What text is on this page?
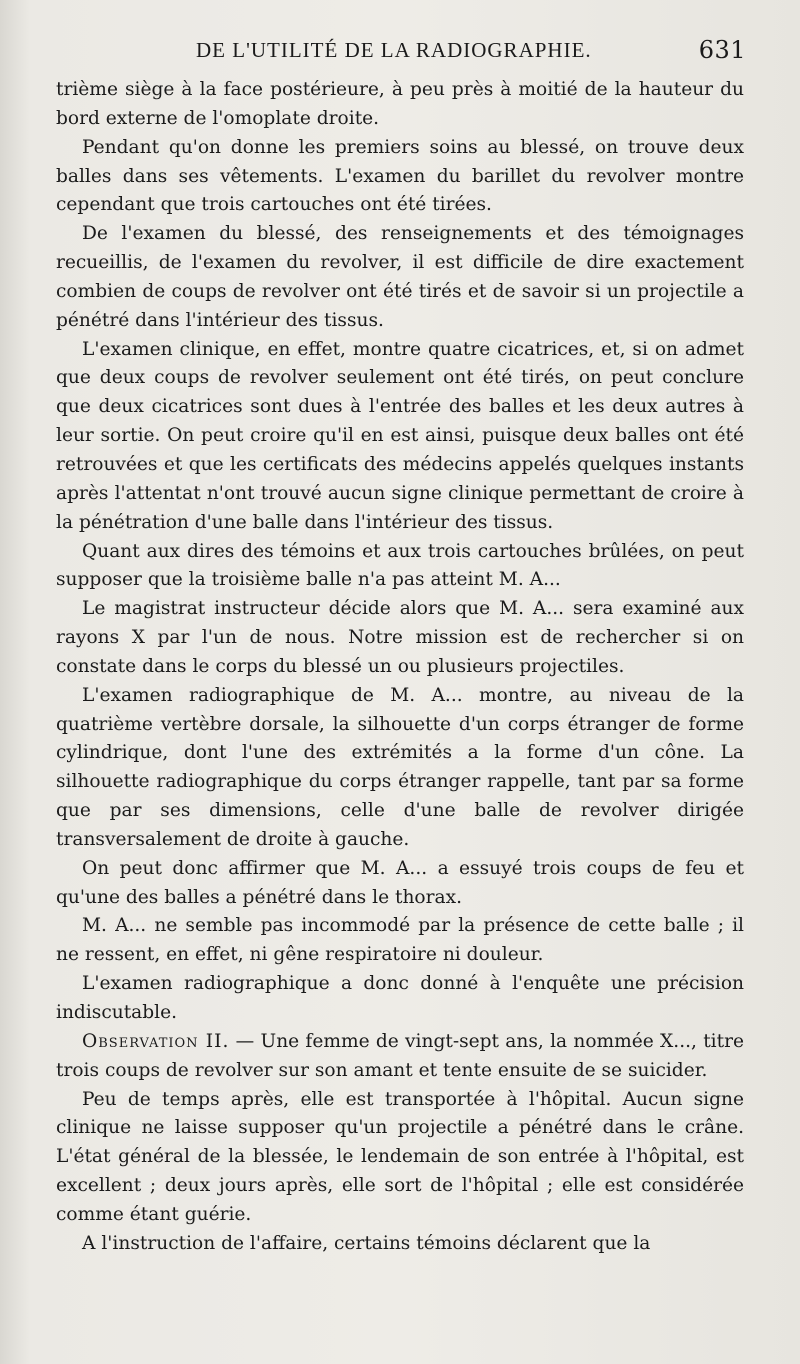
DE L'UTILITÉ DE LA RADIOGRAPHIE.	631

trième siège à la face postérieure, à peu près à moitié de la hauteur du bord externe de l'omoplate droite.

Pendant qu'on donne les premiers soins au blessé, on trouve deux balles dans ses vêtements. L'examen du barillet du revolver montre cependant que trois cartouches ont été tirées.

De l'examen du blessé, des renseignements et des témoignages recueillis, de l'examen du revolver, il est difficile de dire exactement combien de coups de revolver ont été tirés et de savoir si un projectile a pénétré dans l'intérieur des tissus.

L'examen clinique, en effet, montre quatre cicatrices, et, si on admet que deux coups de revolver seulement ont été tirés, on peut conclure que deux cicatrices sont dues à l'entrée des balles et les deux autres à leur sortie. On peut croire qu'il en est ainsi, puisque deux balles ont été retrouvées et que les certificats des médecins appelés quelques instants après l'attentat n'ont trouvé aucun signe clinique permettant de croire à la pénétration d'une balle dans l'intérieur des tissus.

Quant aux dires des témoins et aux trois cartouches brûlées, on peut supposer que la troisième balle n'a pas atteint M. A...

Le magistrat instructeur décide alors que M. A... sera examiné aux rayons X par l'un de nous. Notre mission est de rechercher si on constate dans le corps du blessé un ou plusieurs projectiles.

L'examen radiographique de M. A... montre, au niveau de la quatrième vertèbre dorsale, la silhouette d'un corps étranger de forme cylindrique, dont l'une des extrémités a la forme d'un cône. La silhouette radiographique du corps étranger rappelle, tant par sa forme que par ses dimensions, celle d'une balle de revolver dirigée transversalement de droite à gauche.

On peut donc affirmer que M. A... a essuyé trois coups de feu et qu'une des balles a pénétré dans le thorax.

M. A... ne semble pas incommodé par la présence de cette balle ; il ne ressent, en effet, ni gêne respiratoire ni douleur.

L'examen radiographique a donc donné à l'enquête une précision indiscutable.

Observation II. — Une femme de vingt-sept ans, la nommée X..., titre trois coups de revolver sur son amant et tente ensuite de se suicider.

Peu de temps après, elle est transportée à l'hôpital. Aucun signe clinique ne laisse supposer qu'un projectile a pénétré dans le crâne. L'état général de la blessée, le lendemain de son entrée à l'hôpital, est excellent ; deux jours après, elle sort de l'hôpital ; elle est considérée comme étant guérie.

A l'instruction de l'affaire, certains témoins déclarent que la
